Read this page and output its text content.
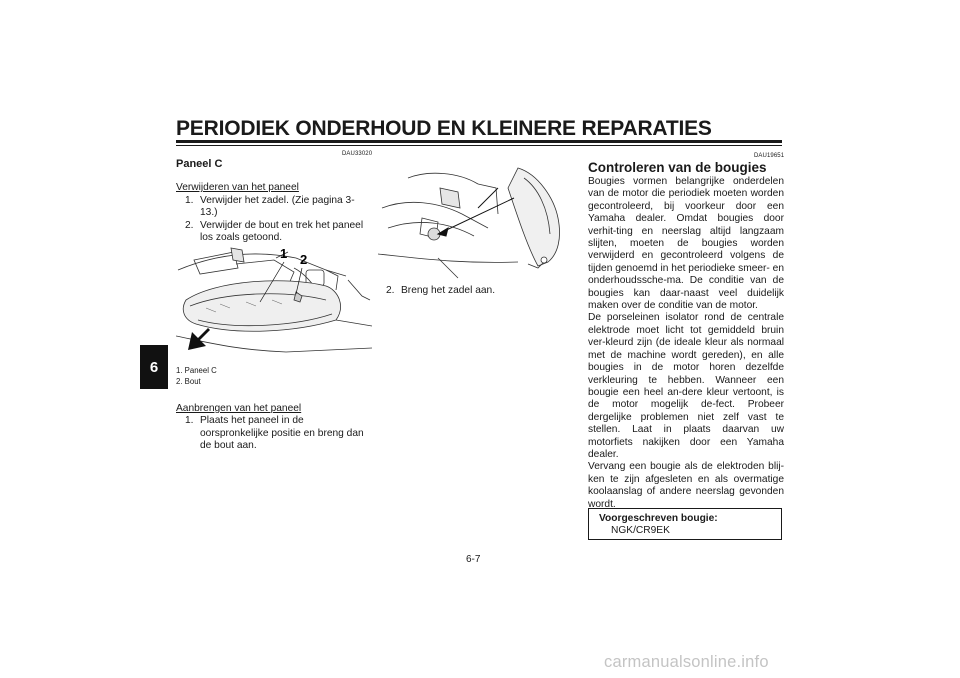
PERIODIEK ONDERHOUD EN KLEINERE REPARATIES
6
DAU33020
Paneel C
Verwijderen van het paneel
1. Verwijder het zadel. (Zie pagina 3-13.)
2. Verwijder de bout en trek het paneel los zoals getoond.
1 2
1. Paneel C
2. Bout
Aanbrengen van het paneel
1. Plaats het paneel in de oorspronkelijke positie en breng dan de bout aan.
2. Breng het zadel aan.
DAU19651
Controleren van de bougies

Bougies vormen belangrijke onderdelen van de motor die periodiek moeten worden gecontroleerd, bij voorkeur door een Yamaha dealer. Omdat bougies door verhit-ting en neerslag altijd langzaam slijten, moeten de bougies worden verwijderd en gecontroleerd volgens de tijden genoemd in het periodieke smeer- en onderhoudssche-ma. De conditie van de bougies kan daar-naast veel duidelijk maken over de conditie van de motor.

De porseleinen isolator rond de centrale elektrode moet licht tot gemiddeld bruin ver-kleurd zijn (de ideale kleur als normaal met de machine wordt gereden), en alle bougies in de motor horen dezelfde verkleuring te hebben. Wanneer een bougie een heel an-dere kleur vertoont, is de motor mogelijk de-fect. Probeer dergelijke problemen niet zelf vast te stellen. Laat in plaats daarvan uw motorfiets nakijken door een Yamaha dealer.

Vervang een bougie als de elektroden blij-ken te zijn afgesleten en als overmatige koolaanslag of andere neerslag gevonden wordt.

Voorgeschreven bougie:
NGK/CR9EK
6-7
carmanualsonline.info
